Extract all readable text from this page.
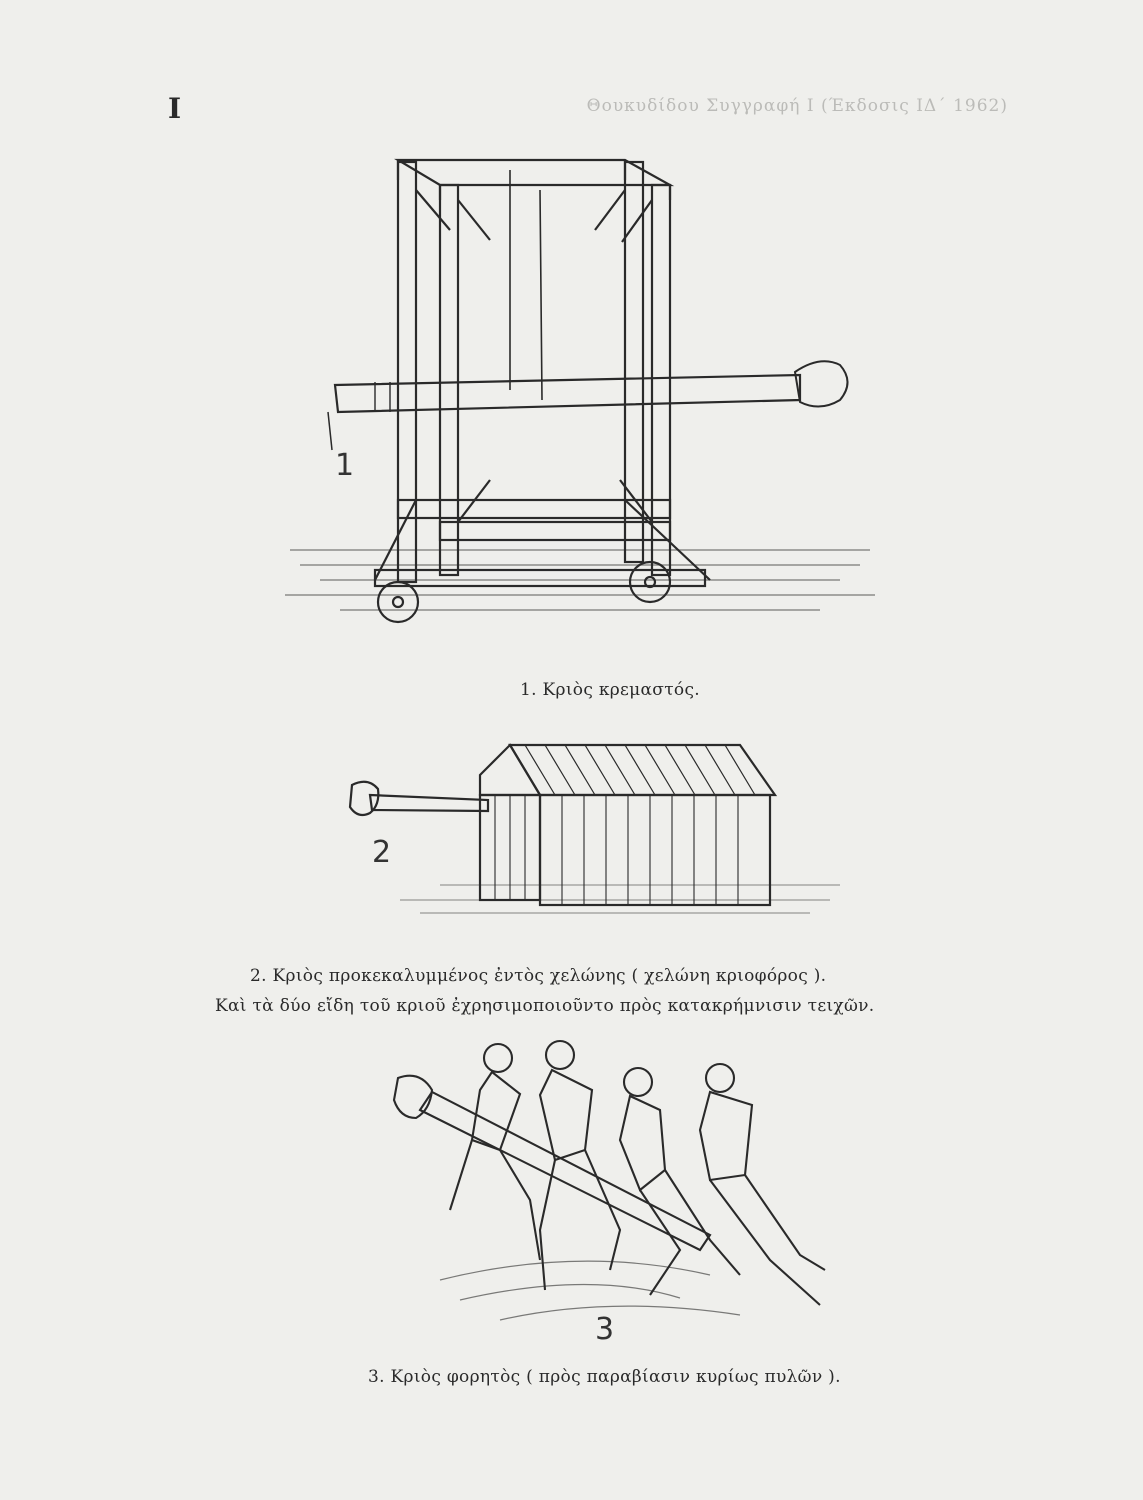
I	Θουκυδίδου Συγγραφή Ι (Έκδοσις ΙΔ΄ 1962)
1
1. Κριὸς κρεμαστός.
2
2. Κριὸς προκεκαλυμμένος ἐντὸς χελώνης ( χελώνη κριοφόρος ).
Καὶ τὰ δύο εἴδη τοῦ κριοῦ ἐχρησιμοποιοῦντο πρὸς κατακρήμνισιν τειχῶν.
3
3. Κριὸς φορητὸς ( πρὸς παραβίασιν κυρίως πυλῶν ).
